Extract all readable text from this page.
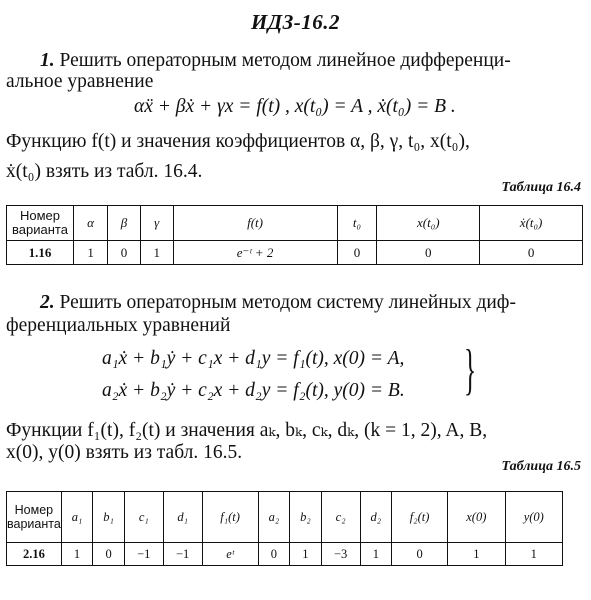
ИДЗ-16.2
1. Решить операторным методом линейное дифференци-
альное уравнение
αẍ + βẋ + γx = f(t) , x(t₀) = A , ẋ(t₀) = B .
Функцию f(t) и значения коэффициентов α, β, γ, t₀, x(t₀),
ẋ(t₀) взять из табл. 16.4.
Таблица 16.4
Номер варианта	α	β	γ	f(t)	t₀	x(t₀)	ẋ(t₀)
1.16	1	0	1	e⁻ᵗ + 2	0	0	0
2. Решить операторным методом систему линейных диф-
ференциальных уравнений
a₁ẋ + b₁ẏ + c₁x + d₁y = f₁(t), x(0) = A,
a₂ẋ + b₂ẏ + c₂x + d₂y = f₂(t), y(0) = B. }
Функции f₁(t), f₂(t) и значения aₖ, bₖ, cₖ, dₖ, (k = 1, 2), A, B,
x(0), y(0) взять из табл. 16.5.
Таблица 16.5
Номер варианта	a₁	b₁	c₁	d₁	f₁(t)	a₂	b₂	c₂	d₂	f₂(t)	x(0)	y(0)
2.16	1	0	−1	−1	eᵗ	0	1	−3	1	0	1	1
